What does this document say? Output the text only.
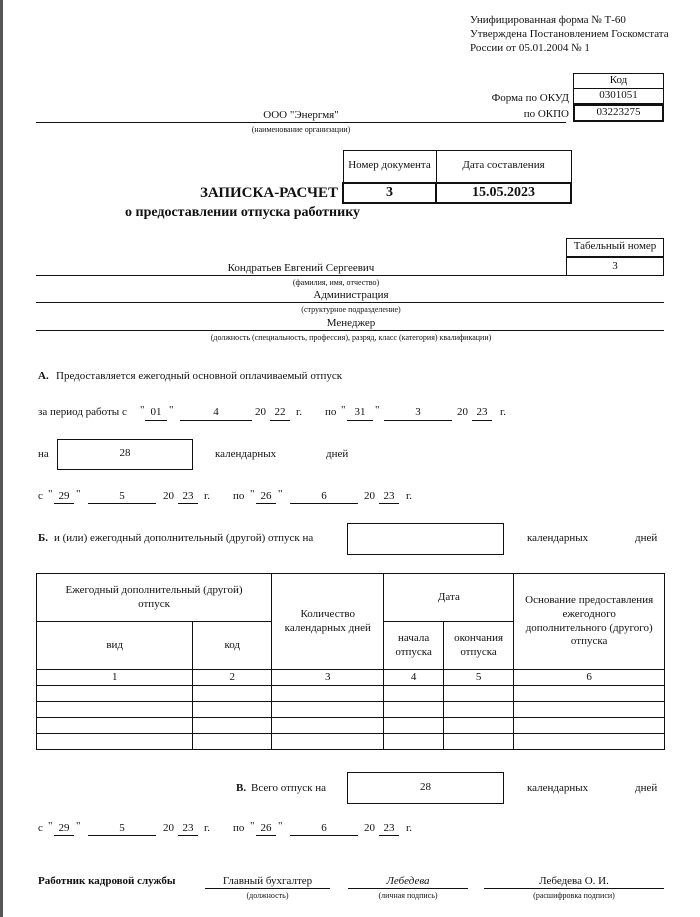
Унифицированная форма № Т-60
Утверждена Постановлением Госкомстата
России от 05.01.2004 № 1
Код
0301051
03223275
Форма по ОКУД
по ОКПО
ООО "Энергмя"
(наименование организации)
Номер документа	Дата составления
3	15.05.2023
ЗАПИСКА-РАСЧЕТ
о предоставлении отпуска работнику
Табельный номер
3
Кондратьев Евгений Сергеевич
(фамилия, имя, отчество)
Администрация
(структурное подразделение)
Менеджер
(должность (специальность, профессия), разряд, класс (категория) квалификации)
А. Предоставляется ежегодный основной оплачиваемый отпуск
за период работы с " 01 "	4	20 22 г. по " 31 "	3	20 23	г.
на	28	календарных	дней
с " 29 "	5	20 23 г. по " 26 "	6	20 23	г.
Б. и (или) ежегодный дополнительный (другой) отпуск на	календарных	дней
Ежегодный дополнительный (другой) отпуск		Количество календарных дней	Дата		Основание предоставления ежегодного дополнительного (другого) отпуска
вид	код		начала отпуска	окончания отпуска	
1	2	3	4	5	6

В. Всего отпуск на	28	календарных	дней
с " 29 "	5	20 23 г. по " 26 "	6	20 23	г.
Работник кадровой службы	Главный бухгалтер
(должность)
Лебедева
(личная подпись)
Лебедева О. И.
(расшифровка подписи)
